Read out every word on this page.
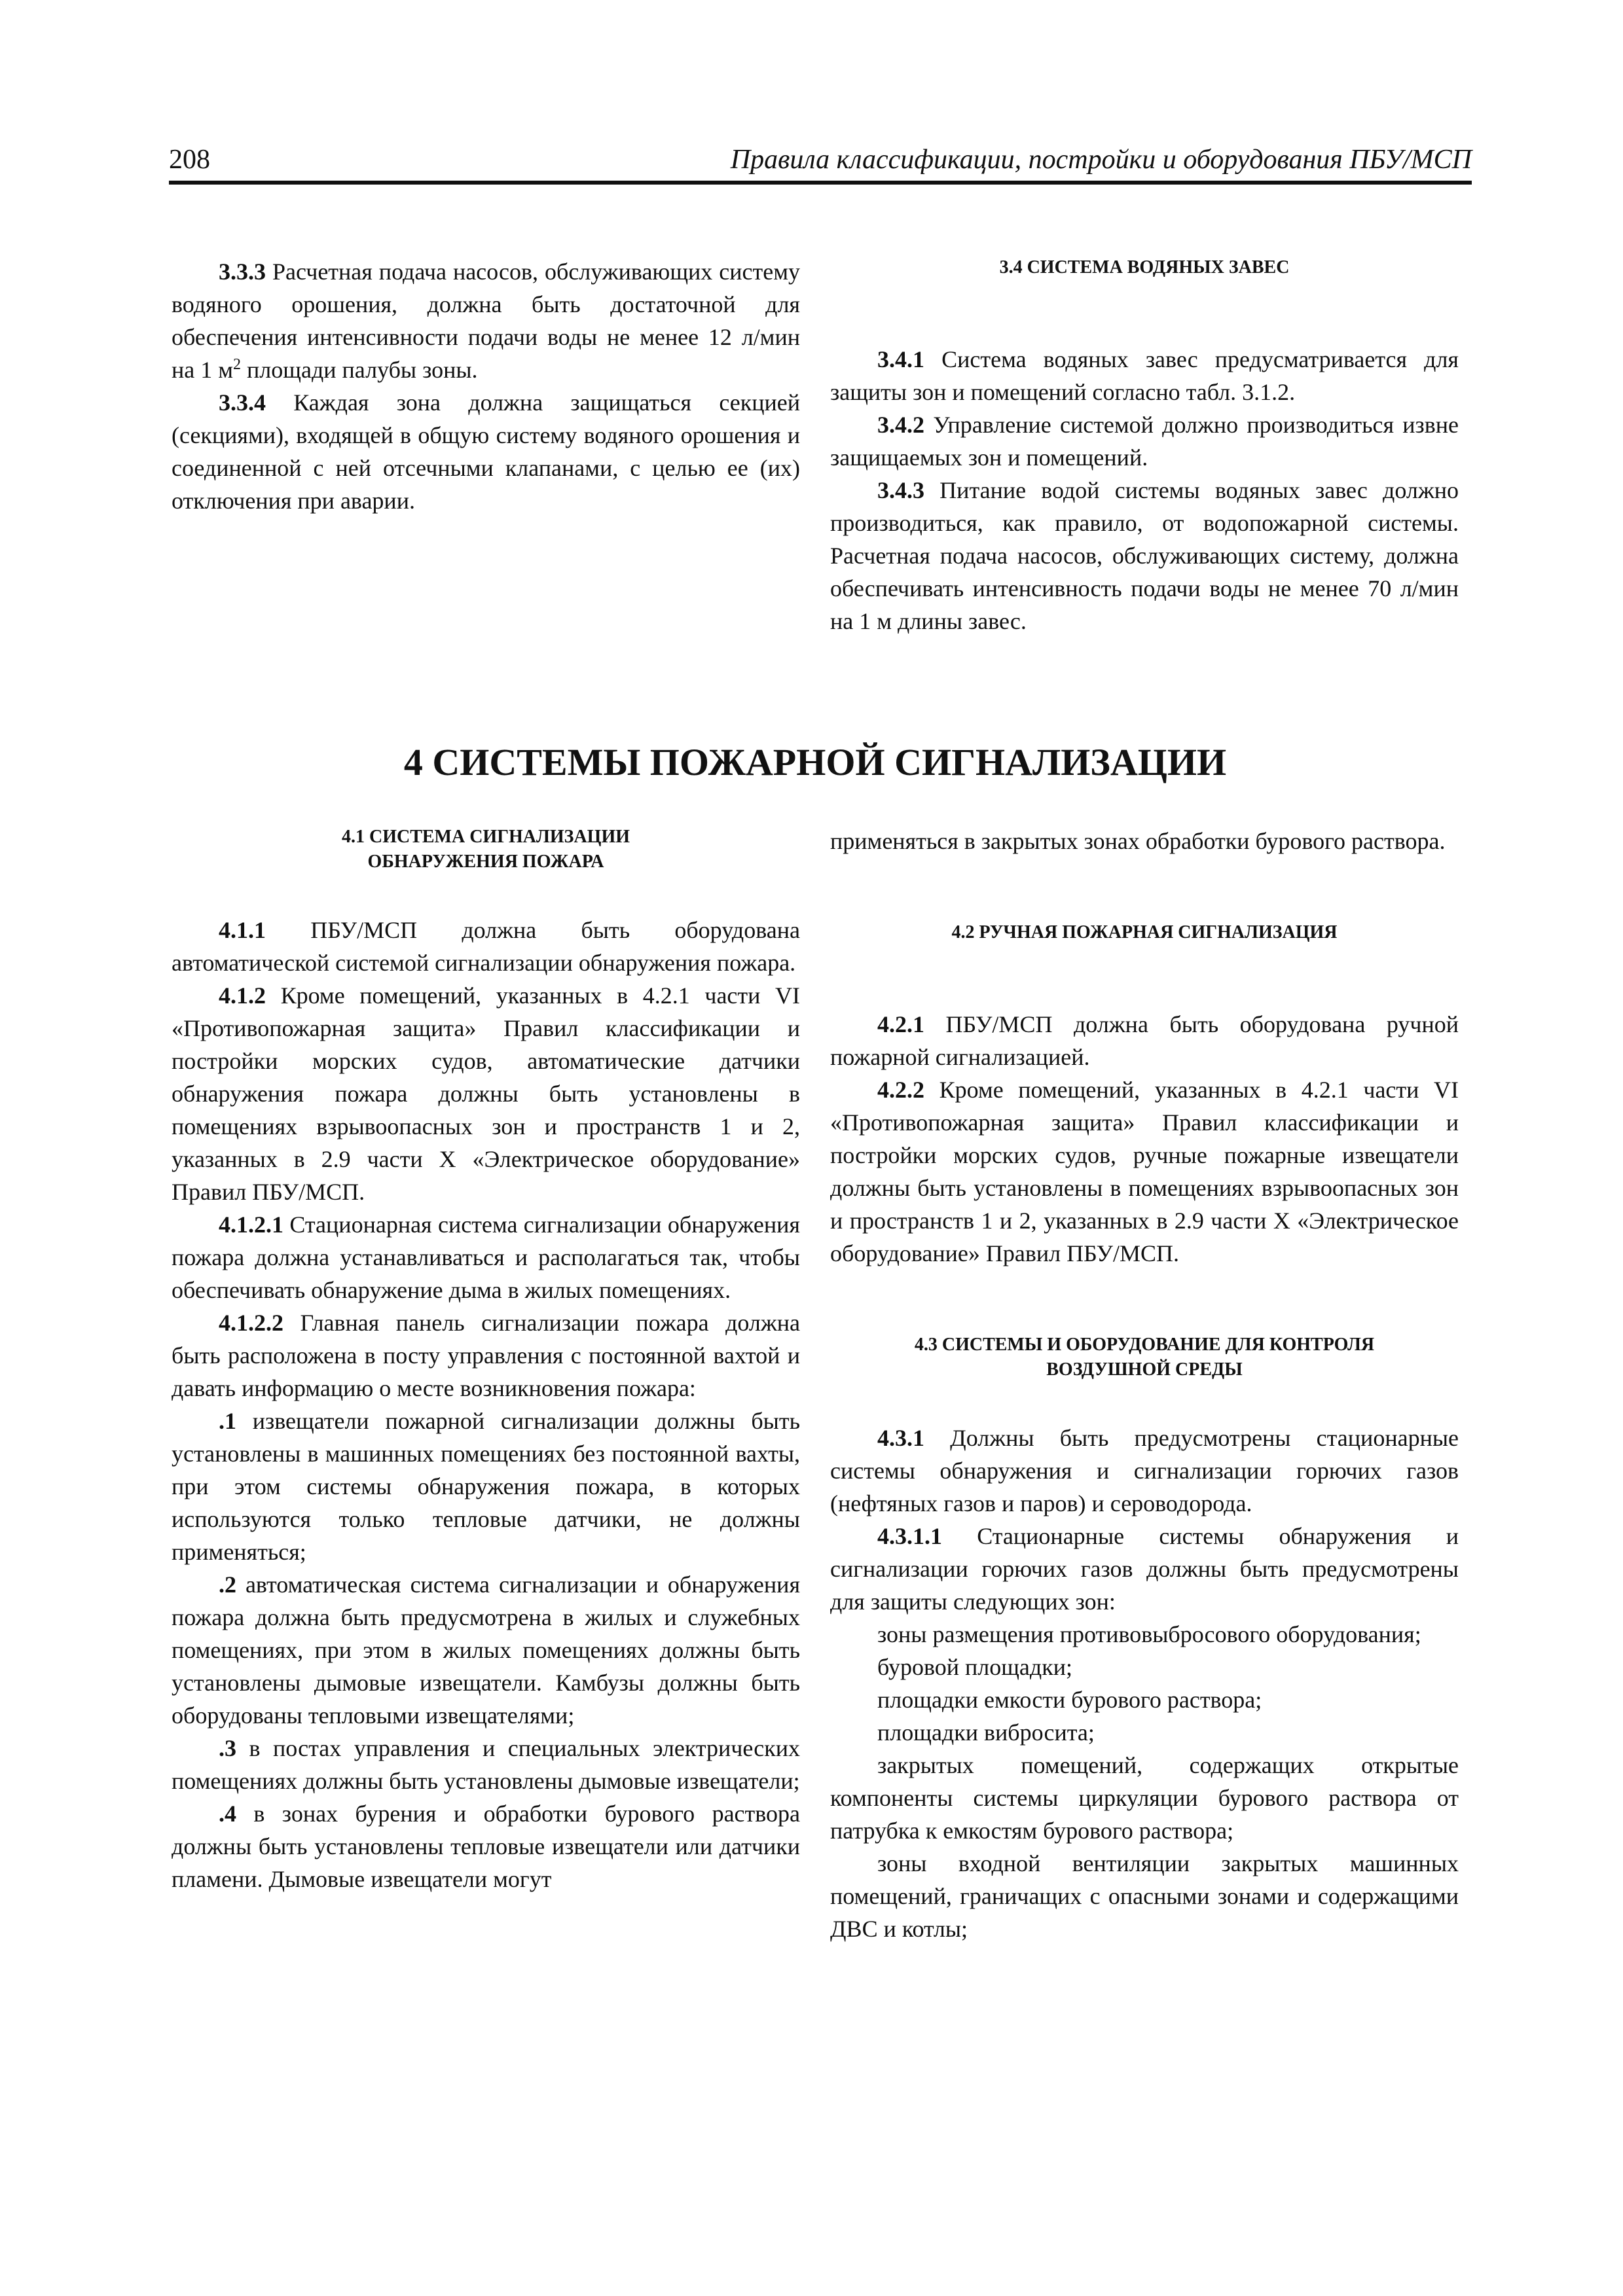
208	Правила классификации, постройки и оборудования ПБУ/МСП

3.3.3 Расчетная подача насосов, обслуживающих систему водяного орошения, должна быть достаточной для обеспечения интенсивности подачи воды не менее 12 л/мин на 1 $м^2$ площади палубы зоны.

3.3.4 Каждая зона должна защищаться секцией (секциями), входящей в общую систему водяного орошения и соединенной с ней отсечными клапанами, с целью ее (их) отключения при аварии.

3.4 СИСТЕМА ВОДЯНЫХ ЗАВЕС

3.4.1 Система водяных завес предусматривается для защиты зон и помещений согласно табл. 3.1.2.

3.4.2 Управление системой должно производиться извне защищаемых зон и помещений.

3.4.3 Питание водой системы водяных завес должно производиться, как правило, от водопожарной системы. Расчетная подача насосов, обслуживающих систему, должна обеспечивать интенсивность подачи воды не менее 70 л/мин на 1 м длины завес.

4 СИСТЕМЫ ПОЖАРНОЙ СИГНАЛИЗАЦИИ
4.1 СИСТЕМА СИГНАЛИЗАЦИИ
ОБНАРУЖЕНИЯ ПОЖАРА

4.1.1 ПБУ/МСП должна быть оборудована автоматической системой сигнализации обнаружения пожара.

4.1.2 Кроме помещений, указанных в 4.2.1 части VI «Противопожарная защита» Правил классификации и постройки морских судов, автоматические датчики обнаружения пожара должны быть установлены в помещениях взрывоопасных зон и пространств 1 и 2, указанных в 2.9 части X «Электрическое оборудование» Правил ПБУ/МСП.

4.1.2.1 Стационарная система сигнализации обнаружения пожара должна устанавливаться и располагаться так, чтобы обеспечивать обнаружение дыма в жилых помещениях.

4.1.2.2 Главная панель сигнализации пожара должна быть расположена в посту управления с постоянной вахтой и давать информацию о месте возникновения пожара:

.1 извещатели пожарной сигнализации должны быть установлены в машинных помещениях без постоянной вахты, при этом системы обнаружения пожара, в которых используются только тепловые датчики, не должны применяться;

.2 автоматическая система сигнализации и обнаружения пожара должна быть предусмотрена в жилых и служебных помещениях, при этом в жилых помещениях должны быть установлены дымовые извещатели. Камбузы должны быть оборудованы тепловыми извещателями;

.3 в постах управления и специальных электрических помещениях должны быть установлены дымовые извещатели;

.4 в зонах бурения и обработки бурового раствора должны быть установлены тепловые извещатели или датчики пламени. Дымовые извещатели могут

применяться в закрытых зонах обработки бурового раствора.

4.2 РУЧНАЯ ПОЖАРНАЯ СИГНАЛИЗАЦИЯ

4.2.1 ПБУ/МСП должна быть оборудована ручной пожарной сигнализацией.

4.2.2 Кроме помещений, указанных в 4.2.1 части VI «Противопожарная защита» Правил классификации и постройки морских судов, ручные пожарные извещатели должны быть установлены в помещениях взрывоопасных зон и пространств 1 и 2, указанных в 2.9 части X «Электрическое оборудование» Правил ПБУ/МСП.

4.3 СИСТЕМЫ И ОБОРУДОВАНИЕ ДЛЯ КОНТРОЛЯ
ВОЗДУШНОЙ СРЕДЫ

4.3.1 Должны быть предусмотрены стационарные системы обнаружения и сигнализации горючих газов (нефтяных газов и паров) и сероводорода.

4.3.1.1 Стационарные системы обнаружения и сигнализации горючих газов должны быть предусмотрены для защиты следующих зон:

зоны размещения противовыбросового оборудования;

буровой площадки;

площадки емкости бурового раствора;

площадки вибросита;

закрытых помещений, содержащих открытые компоненты системы циркуляции бурового раствора от патрубка к емкостям бурового раствора;

зоны входной вентиляции закрытых машинных помещений, граничащих с опасными зонами и содержащими ДВС и котлы;
